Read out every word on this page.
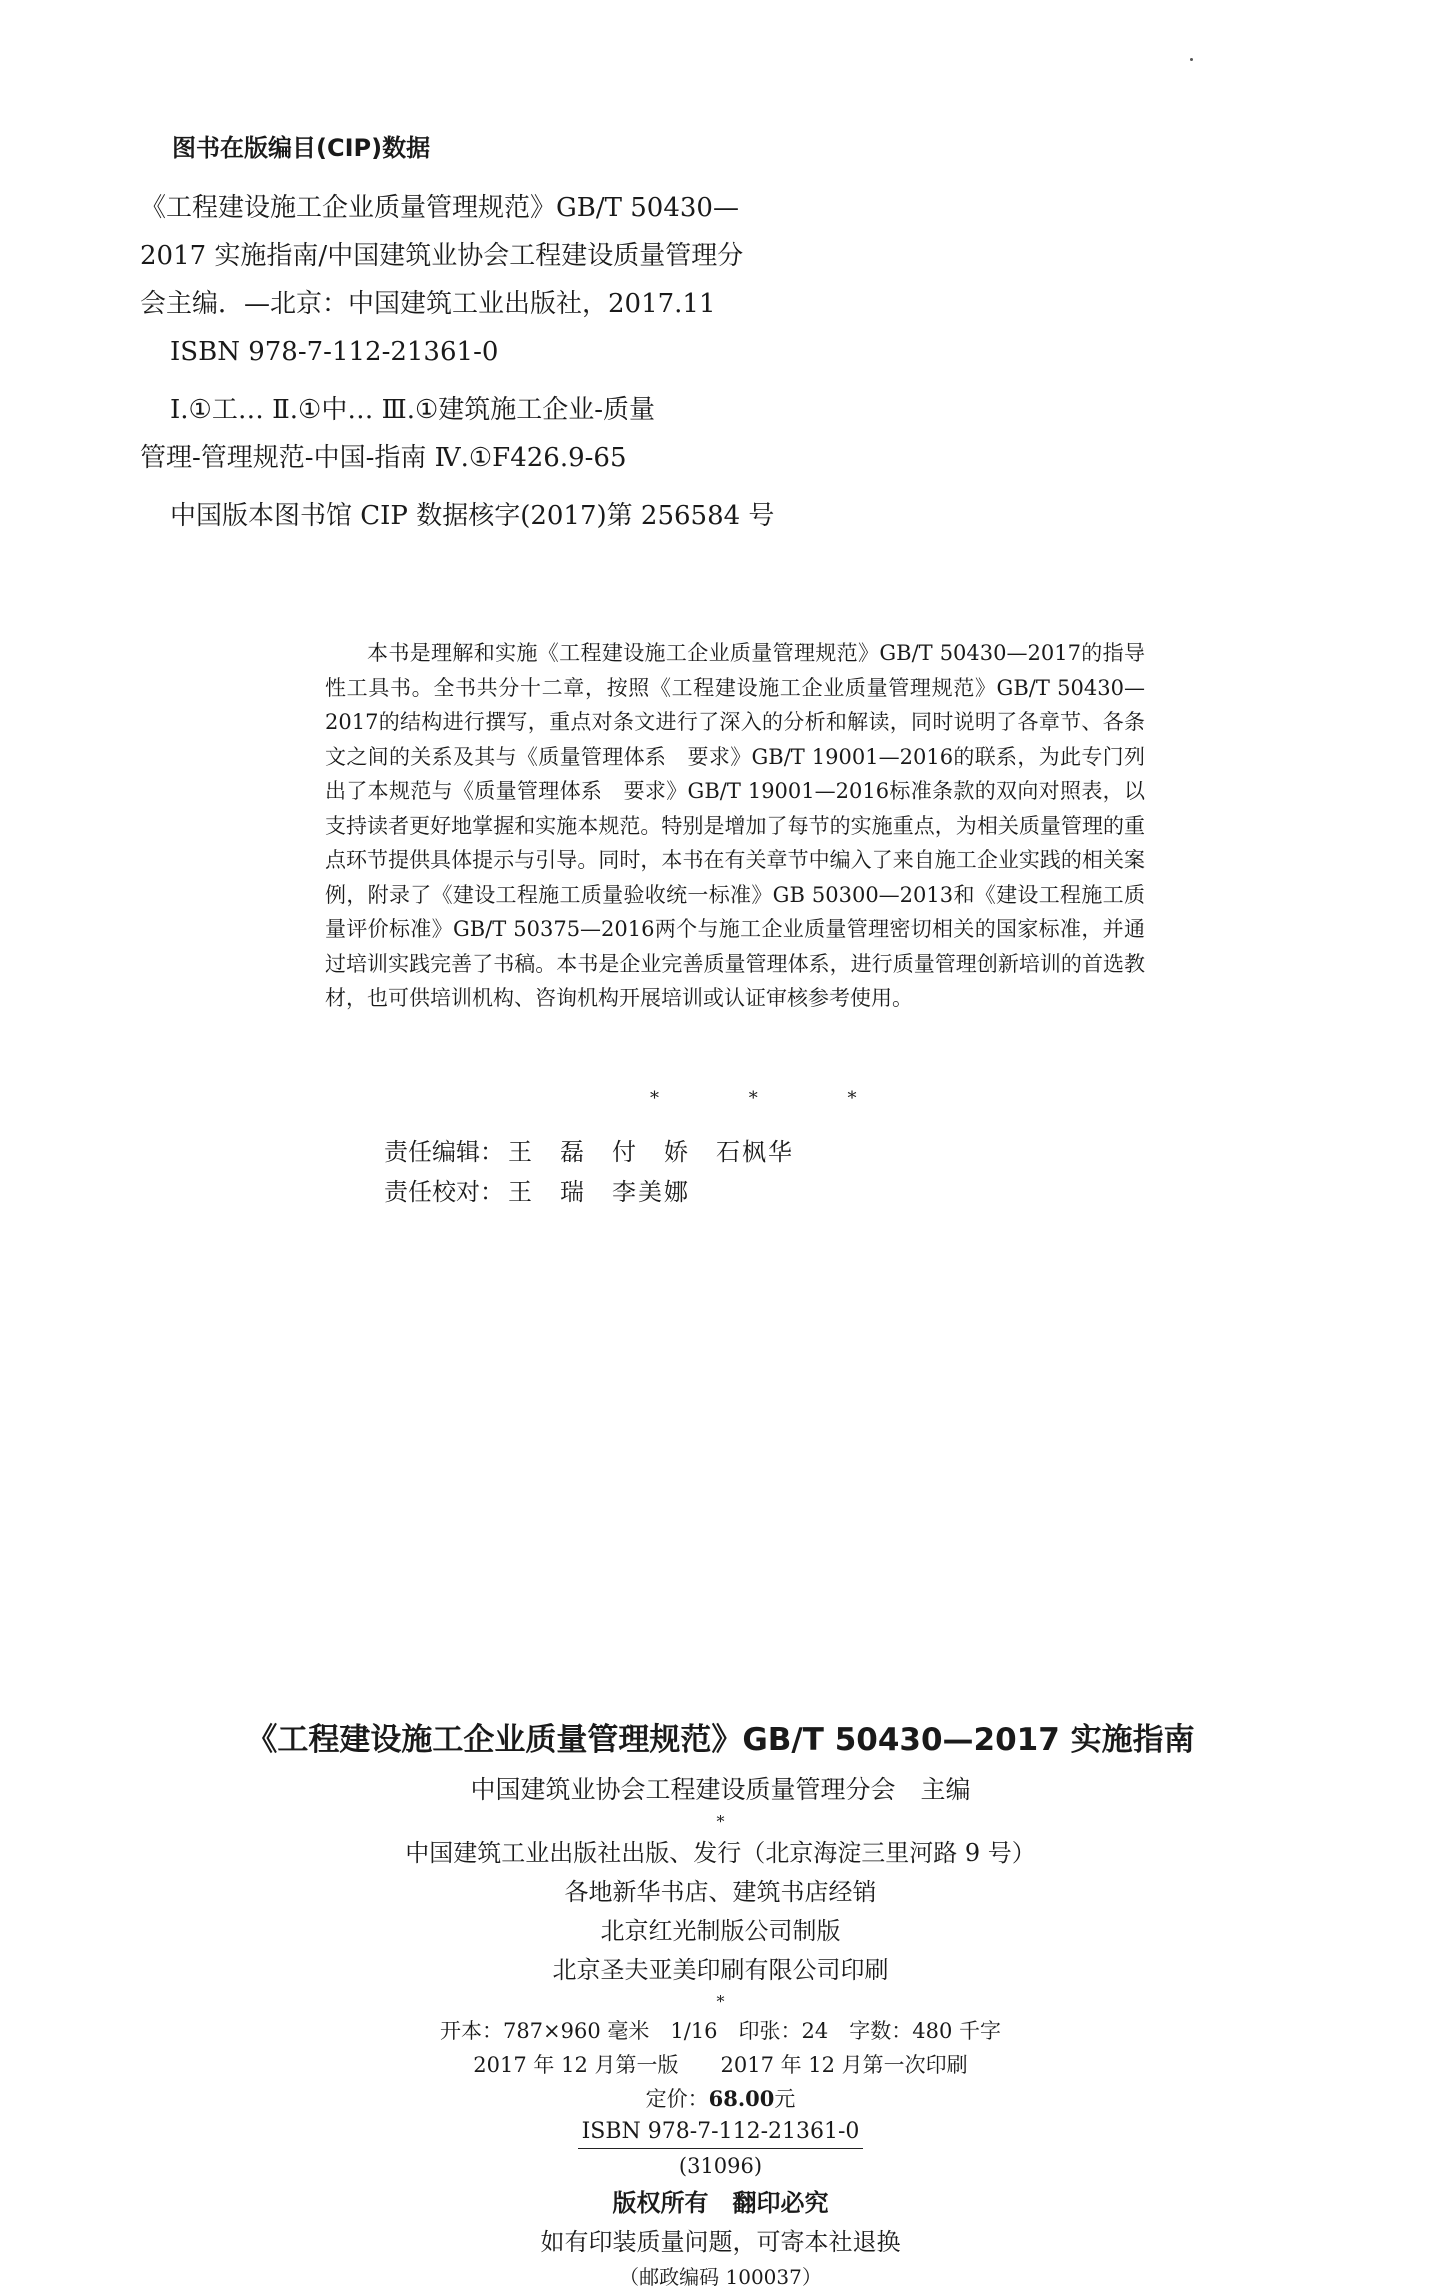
图书在版编目(CIP)数据
《工程建设施工企业质量管理规范》GB/T 50430—
2017 实施指南/中国建筑业协会工程建设质量管理分
会主编．—北京：中国建筑工业出版社，2017.11
ISBN 978-7-112-21361-0
Ⅰ.①工… Ⅱ.①中… Ⅲ.①建筑施工企业-质量
管理-管理规范-中国-指南 Ⅳ.①F426.9-65
中国版本图书馆 CIP 数据核字(2017)第 256584 号

本书是理解和实施《工程建设施工企业质量管理规范》GB/T 50430—2017的指导性工具书。全书共分十二章，按照《工程建设施工企业质量管理规范》GB/T 50430—2017的结构进行撰写，重点对条文进行了深入的分析和解读，同时说明了各章节、各条文之间的关系及其与《质量管理体系　要求》GB/T 19001—2016的联系，为此专门列出了本规范与《质量管理体系　要求》GB/T 19001—2016标准条款的双向对照表，以支持读者更好地掌握和实施本规范。特别是增加了每节的实施重点，为相关质量管理的重点环节提供具体提示与引导。同时，本书在有关章节中编入了来自施工企业实践的相关案例，附录了《建设工程施工质量验收统一标准》GB 50300—2013和《建设工程施工质量评价标准》GB/T 50375—2016两个与施工企业质量管理密切相关的国家标准，并通过培训实践完善了书稿。本书是企业完善质量管理体系，进行质量管理创新培训的首选教材，也可供培训机构、咨询机构开展培训或认证审核参考使用。

* * *
责任编辑： 王　磊　付　娇　石枫华
责任校对： 王　瑞　李美娜
《工程建设施工企业质量管理规范》GB/T 50430—2017 实施指南
中国建筑业协会工程建设质量管理分会　主编
*
中国建筑工业出版社出版、发行（北京海淀三里河路 9 号）
各地新华书店、建筑书店经销
北京红光制版公司制版
北京圣夫亚美印刷有限公司印刷
*
开本：787×960 毫米　1/16　印张：24　字数：480 千字
2017 年 12 月第一版　　2017 年 12 月第一次印刷
定价：68.00元
ISBN 978-7-112-21361-0
(31096)
版权所有　翻印必究
如有印装质量问题，可寄本社退换
（邮政编码 100037）
